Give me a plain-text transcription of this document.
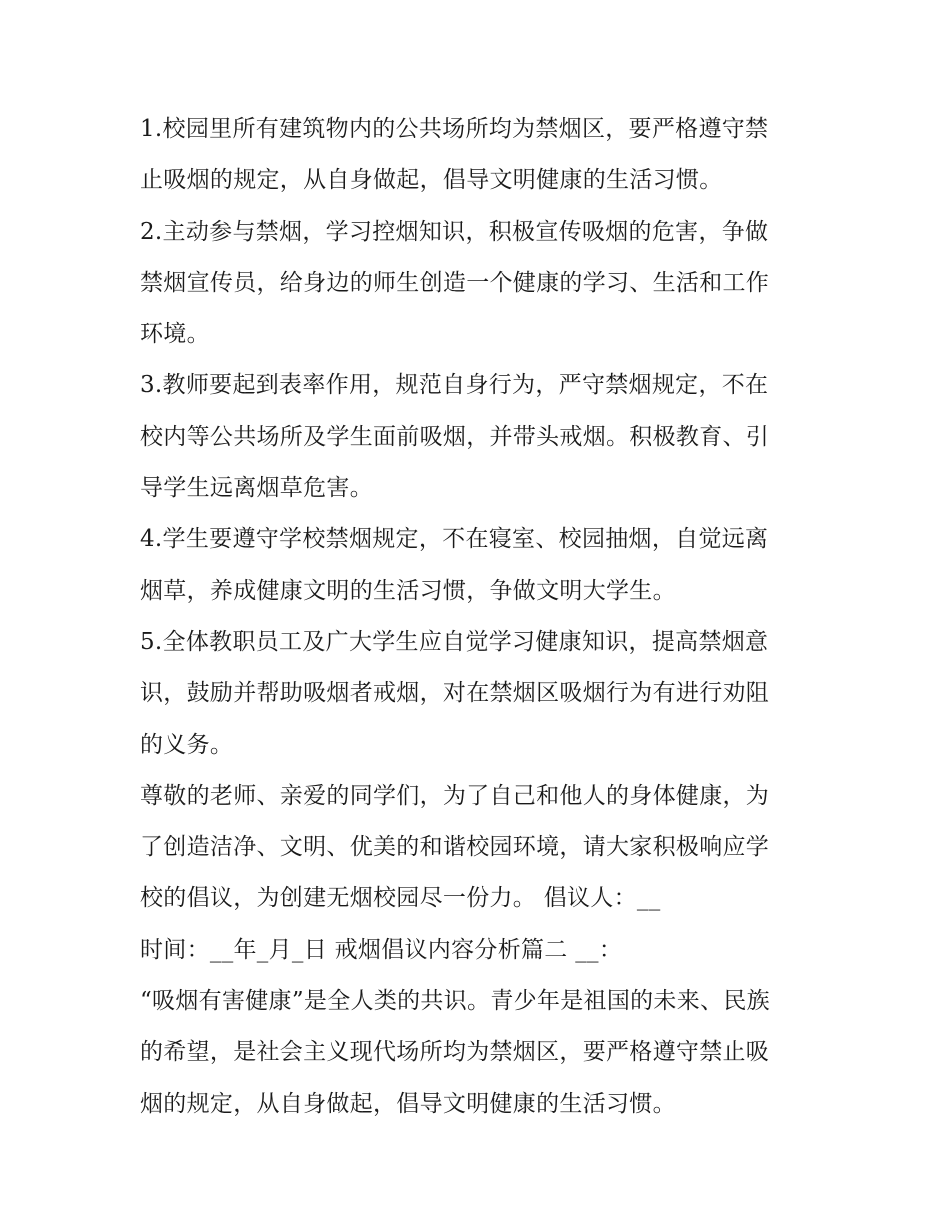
1.校园里所有建筑物内的公共场所均为禁烟区，要严格遵守禁
止吸烟的规定，从自身做起，倡导文明健康的生活习惯。
2.主动参与禁烟，学习控烟知识，积极宣传吸烟的危害，争做
禁烟宣传员，给身边的师生创造一个健康的学习、生活和工作
环境。
3.教师要起到表率作用，规范自身行为，严守禁烟规定，不在
校内等公共场所及学生面前吸烟，并带头戒烟。积极教育、引
导学生远离烟草危害。
4.学生要遵守学校禁烟规定，不在寝室、校园抽烟，自觉远离
烟草，养成健康文明的生活习惯，争做文明大学生。
5.全体教职员工及广大学生应自觉学习健康知识，提高禁烟意
识，鼓励并帮助吸烟者戒烟，对在禁烟区吸烟行为有进行劝阻
的义务。
尊敬的老师、亲爱的同学们，为了自己和他人的身体健康，为
了创造洁净、文明、优美的和谐校园环境，请大家积极响应学
校的倡议，为创建无烟校园尽一份力。 倡议人：__
时间：__年_月_日 戒烟倡议内容分析篇二 __：
“吸烟有害健康”是全人类的共识。青少年是祖国的未来、民族
的希望，是社会主义现代场所均为禁烟区，要严格遵守禁止吸
烟的规定，从自身做起，倡导文明健康的生活习惯。
